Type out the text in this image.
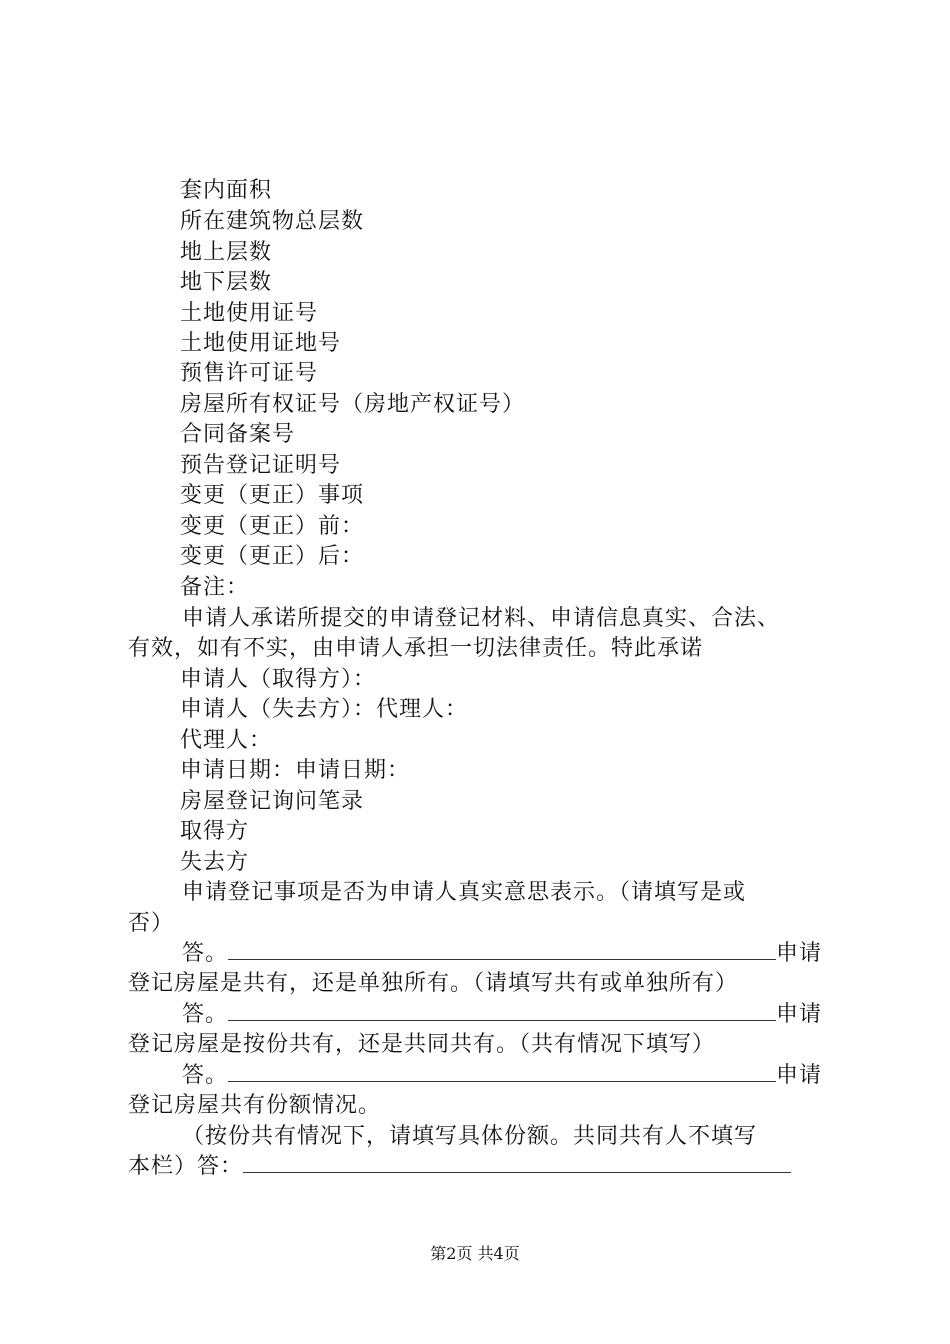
套内面积
所在建筑物总层数
地上层数
地下层数
土地使用证号
土地使用证地号
预售许可证号
房屋所有权证号（房地产权证号）
合同备案号
预告登记证明号
变更（更正）事项
变更（更正）前：
变更（更正）后：
备注：
申请人承诺所提交的申请登记材料、申请信息真实、合法、
有效，如有不实，由申请人承担一切法律责任。特此承诺
申请人（取得方）：
申请人（失去方）：代理人：
代理人：
申请日期：申请日期：
房屋登记询问笔录
取得方
失去方
申请登记事项是否为申请人真实意思表示。（请填写是或
否）
答。	申请
登记房屋是共有，还是单独所有。（请填写共有或单独所有）
答。	申请
登记房屋是按份共有，还是共同共有。（共有情况下填写）
答。	申请
登记房屋共有份额情况。
（按份共有情况下，请填写具体份额。共同共有人不填写
本栏）答：
第2页 共4页
